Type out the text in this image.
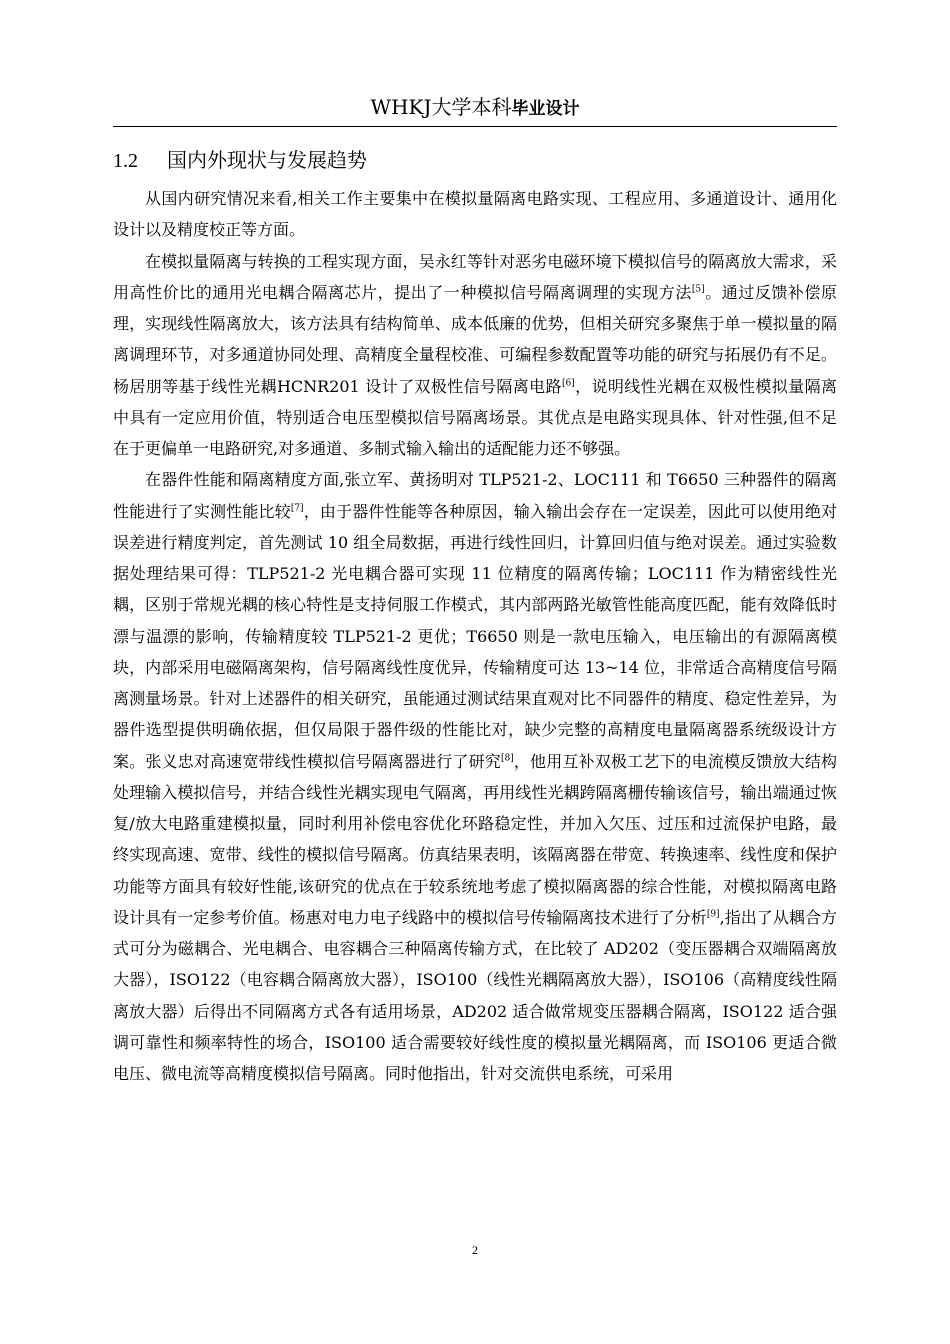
WHKJ大学本科毕业设计
1.2 国内外现状与发展趋势

从国内研究情况来看,相关工作主要集中在模拟量隔离电路实现、工程应用、多通道设计、通用化设计以及精度校正等方面。

在模拟量隔离与转换的工程实现方面，吴永红等针对恶劣电磁环境下模拟信号的隔离放大需求，采用高性价比的通用光电耦合隔离芯片，提出了一种模拟信号隔离调理的实现方法[5]。通过反馈补偿原理，实现线性隔离放大，该方法具有结构简单、成本低廉的优势，但相关研究多聚焦于单一模拟量的隔离调理环节，对多通道协同处理、高精度全量程校准、可编程参数配置等功能的研究与拓展仍有不足。杨居朋等基于线性光耦HCNR201 设计了双极性信号隔离电路[6]，说明线性光耦在双极性模拟量隔离中具有一定应用价值，特别适合电压型模拟信号隔离场景。其优点是电路实现具体、针对性强,但不足在于更偏单一电路研究,对多通道、多制式输入输出的适配能力还不够强。

在器件性能和隔离精度方面,张立军、黄扬明对 TLP521-2、LOC111 和 T6650 三种器件的隔离性能进行了实测性能比较[7]，由于器件性能等各种原因，输入输出会存在一定误差，因此可以使用绝对误差进行精度判定，首先测试 10 组全局数据，再进行线性回归，计算回归值与绝对误差。通过实验数据处理结果可得：TLP521-2 光电耦合器可实现 11 位精度的隔离传输；LOC111 作为精密线性光耦，区别于常规光耦的核心特性是支持伺服工作模式，其内部两路光敏管性能高度匹配，能有效降低时漂与温漂的影响，传输精度较 TLP521-2 更优；T6650 则是一款电压输入，电压输出的有源隔离模块，内部采用电磁隔离架构，信号隔离线性度优异，传输精度可达 13~14 位，非常适合高精度信号隔离测量场景。针对上述器件的相关研究，虽能通过测试结果直观对比不同器件的精度、稳定性差异，为器件选型提供明确依据，但仅局限于器件级的性能比对，缺少完整的高精度电量隔离器系统级设计方案。张义忠对高速宽带线性模拟信号隔离器进行了研究[8]，他用互补双极工艺下的电流模反馈放大结构处理输入模拟信号，并结合线性光耦实现电气隔离，再用线性光耦跨隔离栅传输该信号，输出端通过恢复/放大电路重建模拟量，同时利用补偿电容优化环路稳定性，并加入欠压、过压和过流保护电路，最终实现高速、宽带、线性的模拟信号隔离。仿真结果表明，该隔离器在带宽、转换速率、线性度和保护功能等方面具有较好性能,该研究的优点在于较系统地考虑了模拟隔离器的综合性能，对模拟隔离电路设计具有一定参考价值。杨惠对电力电子线路中的模拟信号传输隔离技术进行了分析[9],指出了从耦合方式可分为磁耦合、光电耦合、电容耦合三种隔离传输方式，在比较了 AD202（变压器耦合双端隔离放大器），ISO122（电容耦合隔离放大器），ISO100（线性光耦隔离放大器），ISO106（高精度线性隔离放大器）后得出不同隔离方式各有适用场景，AD202 适合做常规变压器耦合隔离，ISO122 适合强调可靠性和频率特性的场合，ISO100 适合需要较好线性度的模拟量光耦隔离，而 ISO106 更适合微电压、微电流等高精度模拟信号隔离。同时他指出，针对交流供电系统，可采用

2
